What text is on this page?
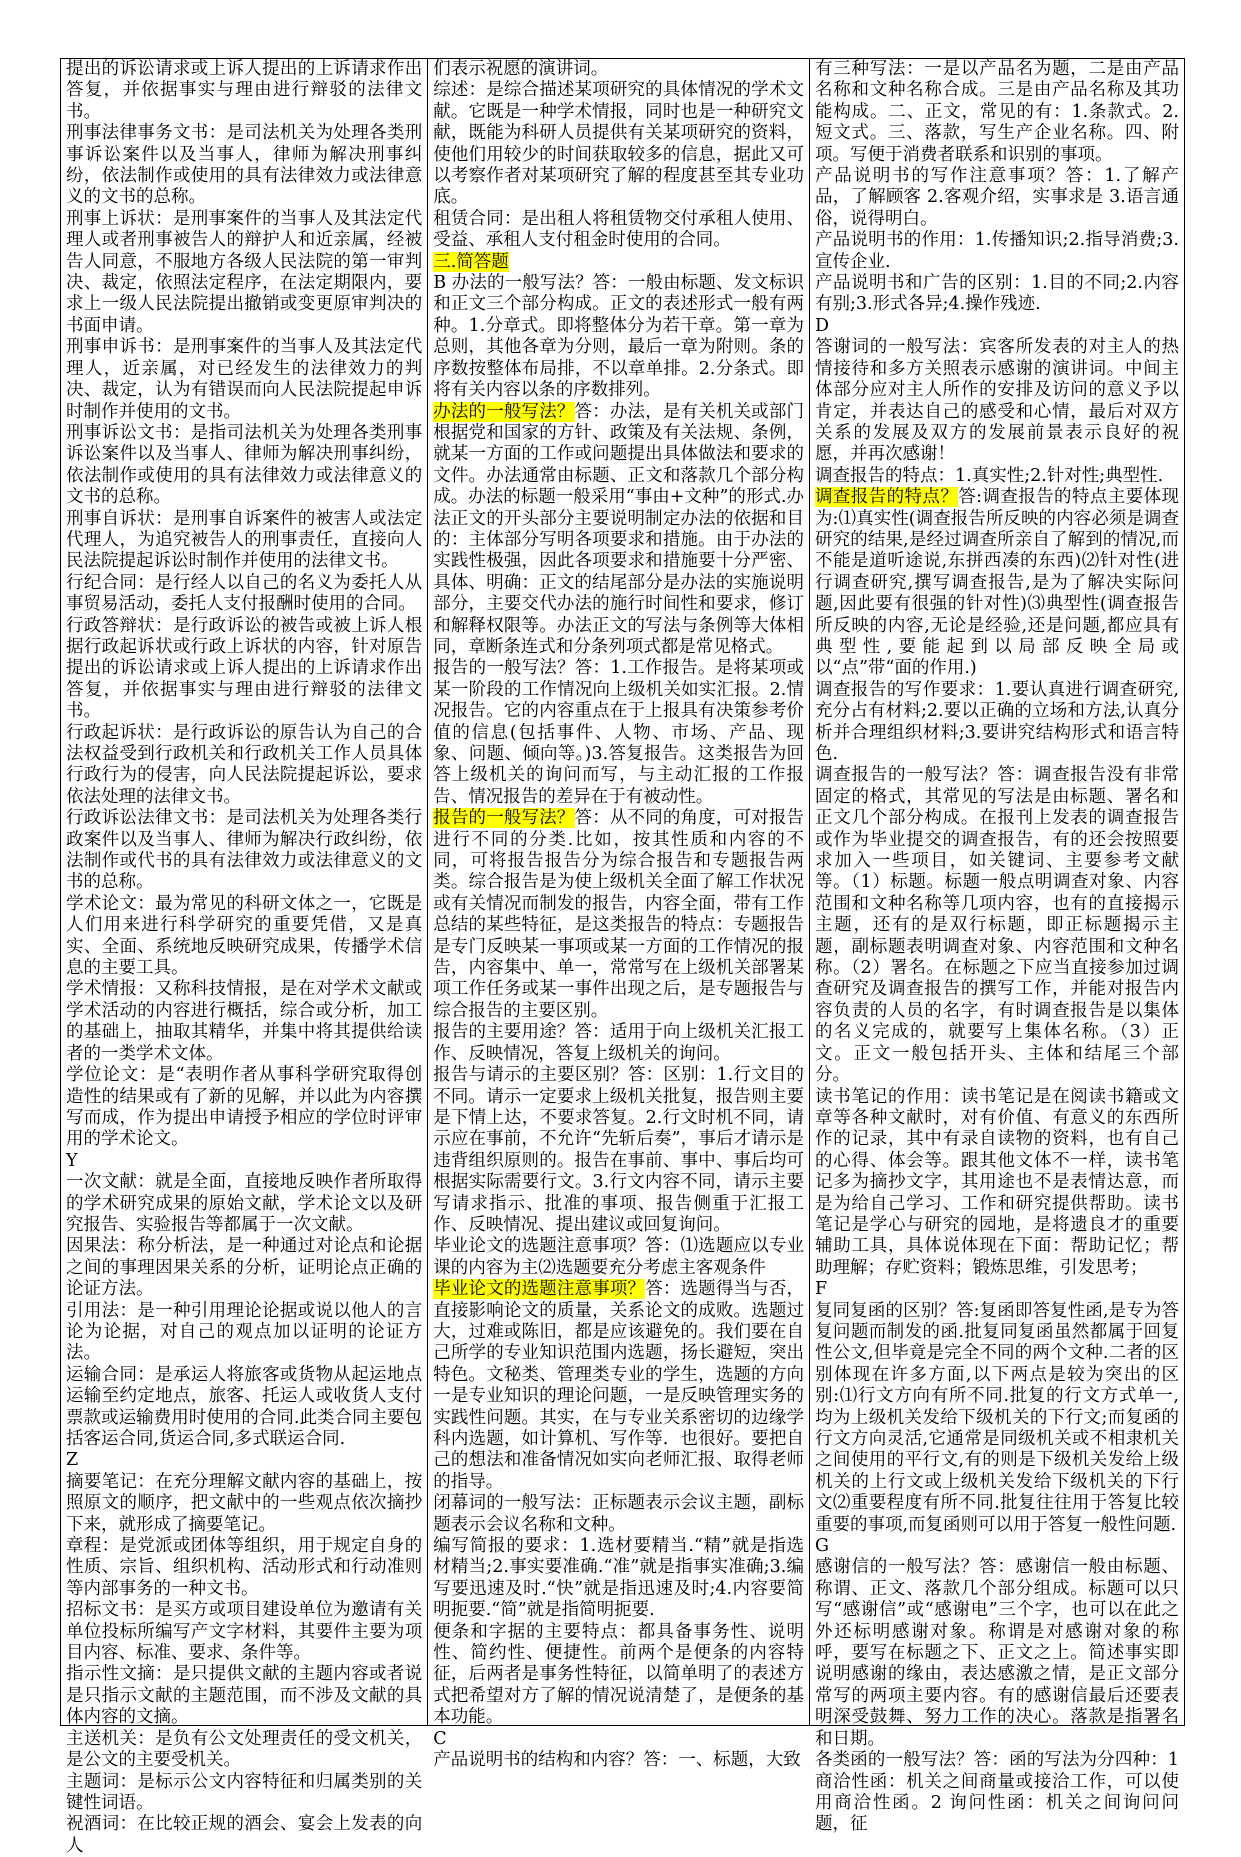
提出的诉讼请求或上诉人提出的上诉请求作出答复，并依据事实与理由进行辩驳的法律文书。

刑事法律事务文书：是司法机关为处理各类刑事诉讼案件以及当事人，律师为解决刑事纠纷，依法制作或使用的具有法律效力或法律意义的文书的总称。

刑事上诉状：是刑事案件的当事人及其法定代理人或者刑事被告人的辩护人和近亲属，经被告人同意，不服地方各级人民法院的第一审判决、裁定，依照法定程序，在法定期限内，要求上一级人民法院提出撤销或变更原审判决的书面申请。

刑事申诉书：是刑事案件的当事人及其法定代理人，近亲属，对已经发生的法律效力的判决、裁定，认为有错误而向人民法院提起申诉时制作并使用的文书。

刑事诉讼文书：是指司法机关为处理各类刑事诉讼案件以及当事人、律师为解决刑事纠纷，依法制作或使用的具有法律效力或法律意义的文书的总称。

刑事自诉状：是刑事自诉案件的被害人或法定代理人，为追究被告人的刑事责任，直接向人民法院提起诉讼时制作并使用的法律文书。

行纪合同：是行经人以自己的名义为委托人从事贸易活动，委托人支付报酬时使用的合同。

行政答辩状：是行政诉讼的被告或被上诉人根据行政起诉状或行政上诉状的内容，针对原告提出的诉讼请求或上诉人提出的上诉请求作出答复，并依据事实与理由进行辩驳的法律文书。

行政起诉状：是行政诉讼的原告认为自己的合法权益受到行政机关和行政机关工作人员具体行政行为的侵害，向人民法院提起诉讼，要求依法处理的法律文书。

行政诉讼法律文书：是司法机关为处理各类行政案件以及当事人、律师为解决行政纠纷，依法制作或代书的具有法律效力或法律意义的文书的总称。

学术论文：最为常见的科研文体之一，它既是人们用来进行科学研究的重要凭借，又是真实、全面、系统地反映研究成果，传播学术信息的主要工具。

学术情报：又称科技情报，是在对学术文献或学术活动的内容进行概括，综合或分析，加工的基础上，抽取其精华，并集中将其提供给读者的一类学术文体。

学位论文：是“表明作者从事科学研究取得创造性的结果或有了新的见解，并以此为内容撰写而成，作为提出申请授予相应的学位时评审用的学术论文。

Y

一次文献：就是全面，直接地反映作者所取得的学术研究成果的原始文献，学术论文以及研究报告、实验报告等都属于一次文献。

因果法：称分析法，是一种通过对论点和论据之间的事理因果关系的分析，证明论点正确的论证方法。

引用法：是一种引用理论论据或说以他人的言论为论据，对自己的观点加以证明的论证方法。

运输合同：是承运人将旅客或货物从起运地点运输至约定地点，旅客、托运人或收货人支付票款或运输费用时使用的合同.此类合同主要包括客运合同,货运合同,多式联运合同.

Z

摘要笔记：在充分理解文献内容的基础上，按照原文的顺序，把文献中的一些观点依次摘抄下来，就形成了摘要笔记。

章程：是党派或团体等组织，用于规定自身的性质、宗旨、组织机构、活动形式和行动准则等内部事务的一种文书。

招标文书：是买方或项目建设单位为邀请有关单位投标所编写产文字材料，其要件主要为项目内容、标准、要求、条件等。

指示性文摘：是只提供文献的主题内容或者说是只指示文献的主题范围，而不涉及文献的具体内容的文摘。

主送机关：是负有公文处理责任的受文机关，是公文的主要受机关。

主题词：是标示公文内容特征和归属类别的关键性词语。

祝酒词：在比较正规的酒会、宴会上发表的向人

们表示祝愿的演讲词。

综述：是综合描述某项研究的具体情况的学术文献。它既是一种学术情报，同时也是一种研究文献，既能为科研人员提供有关某项研究的资料，使他们用较少的时间获取较多的信息，据此又可以考察作者对某项研究了解的程度甚至其专业功底。

租赁合同：是出租人将租赁物交付承租人使用、受益、承租人支付租金时使用的合同。

三.简答题

B 办法的一般写法？答：一般由标题、发文标识和正文三个部分构成。正文的表述形式一般有两种。1.分章式。即将整体分为若干章。第一章为总则，其他各章为分则，最后一章为附则。条的序数按整体布局排，不以章单排。2.分条式。即将有关内容以条的序数排列。

办法的一般写法？答：办法，是有关机关或部门根据党和国家的方针、政策及有关法规、条例，就某一方面的工作或问题提出具体做法和要求的文件。办法通常由标题、正文和落款几个部分构成。办法的标题一般采用“事由+文种”的形式.办法正文的开头部分主要说明制定办法的依据和目的：主体部分写明各项要求和措施。由于办法的实践性极强，因此各项要求和措施要十分严密、具体、明确：正文的结尾部分是办法的实施说明部分，主要交代办法的施行时间性和要求，修订和解释权限等。办法正文的写法与条例等大体相同，章断条连式和分条列项式都是常见格式。

报告的一般写法？答：1.工作报告。是将某项或某一阶段的工作情况向上级机关如实汇报。2.情况报告。它的内容重点在于上报具有决策参考价值的信息(包括事件、人物、市场、产品、现象、问题、倾向等。)3.答复报告。这类报告为回答上级机关的询问而写，与主动汇报的工作报告、情况报告的差异在于有被动性。

报告的一般写法？答：从不同的角度，可对报告进行不同的分类.比如，按其性质和内容的不同，可将报告报告分为综合报告和专题报告两类。综合报告是为使上级机关全面了解工作状况或有关情况而制发的报告，内容全面，带有工作总结的某些特征，是这类报告的特点：专题报告是专门反映某一事项或某一方面的工作情况的报告，内容集中、单一，常常写在上级机关部署某项工作任务或某一事件出现之后，是专题报告与综合报告的主要区别。

报告的主要用途？答：适用于向上级机关汇报工作、反映情况，答复上级机关的询问。

报告与请示的主要区别？答：区别：1.行文目的不同。请示一定要求上级机关批复，报告则主要是下情上达，不要求答复。2.行文时机不同，请示应在事前，不允许“先斩后奏”，事后才请示是违背组织原则的。报告在事前、事中、事后均可根据实际需要行文。3.行文内容不同，请示主要写请求指示、批准的事项、报告侧重于汇报工作、反映情况、提出建议或回复询问。

毕业论文的选题注意事项？答：⑴选题应以专业课的内容为主⑵选题要充分考虑主客观条件

毕业论文的选题注意事项？答：选题得当与否，直接影响论文的质量，关系论文的成败。选题过大，过难或陈旧，都是应该避免的。我们要在自己所学的专业知识范围内选题，扬长避短，突出特色。文秘类、管理类专业的学生，选题的方向一是专业知识的理论问题，一是反映管理实务的实践性问题。其实，在与专业关系密切的边缘学科内选题，如计算机、写作等．也很好。要把自己的想法和准备情况如实向老师汇报、取得老师的指导。

闭幕词的一般写法：正标题表示会议主题，副标题表示会议名称和文种。

编写简报的要求：1.选材要精当.“精”就是指选材精当;2.事实要准确.“准”就是指事实准确;3.编写要迅速及时.“快”就是指迅速及时;4.内容要简明扼要.“简”就是指简明扼要.

便条和字据的主要特点：都具备事务性、说明性、简约性、便捷性。前两个是便条的内容特征，后两者是事务性特征，以简单明了的表述方式把希望对方了解的情况说清楚了，是便条的基本功能。

C

产品说明书的结构和内容？答：一、标题，大致

有三种写法：一是以产品名为题，二是由产品名称和文种名称合成。三是由产品名称及其功能构成。二、正文，常见的有：1.条款式。2.短文式。三、落款，写生产企业名称。四、附项。写便于消费者联系和识别的事项。

产品说明书的写作注意事项？答：1.了解产品，了解顾客 2.客观介绍，实事求是 3.语言通俗，说得明白。

产品说明书的作用：1.传播知识;2.指导消费;3.宣传企业.

产品说明书和广告的区别：1.目的不同;2.内容有别;3.形式各异;4.操作残迹.

D

答谢词的一般写法：宾客所发表的对主人的热情接待和多方关照表示感谢的演讲词。中间主体部分应对主人所作的安排及访问的意义予以肯定，并表达自己的感受和心情，最后对双方关系的发展及双方的发展前景表示良好的祝愿，并再次感谢！

调查报告的特点：1.真实性;2.针对性;典型性.

调查报告的特点？答:调查报告的特点主要体现为:⑴真实性(调查报告所反映的内容必须是调查研究的结果,是经过调查所亲自了解到的情况,而不能是道听途说,东拼西凑的东西)⑵针对性(进行调查研究,撰写调查报告,是为了解决实际问题,因此要有很强的针对性)⑶典型性(调查报告所反映的内容,无论是经验,还是问题,都应具有典型性,要能起到以局部反映全局或以“点”带“面的作用.)

调查报告的写作要求：1.要认真进行调查研究,充分占有材料;2.要以正确的立场和方法,认真分析并合理组织材料;3.要讲究结构形式和语言特色.

调查报告的一般写法？答：调查报告没有非常固定的格式，其常见的写法是由标题、署名和正文几个部分构成。在报刊上发表的调查报告或作为毕业提交的调查报告，有的还会按照要求加入一些项目，如关键词、主要参考文献等。（1）标题。标题一般点明调查对象、内容范围和文种名称等几项内容，也有的直接揭示主题，还有的是双行标题，即正标题揭示主题，副标题表明调查对象、内容范围和文种名称。（2）署名。在标题之下应当直接参加过调查研究及调查报告的撰写工作，并能对报告内容负责的人员的名字，有时调查报告是以集体的名义完成的，就要写上集体名称。（3）正文。正文一般包括开头、主体和结尾三个部分。

读书笔记的作用：读书笔记是在阅读书籍或文章等各种文献时，对有价值、有意义的东西所作的记录，其中有录自读物的资料，也有自己的心得、体会等。跟其他文体不一样，读书笔记多为摘抄文字，其用途也不是表情达意，而是为给自己学习、工作和研究提供帮助。读书笔记是学心与研究的园地，是将遗良才的重要辅助工具，具体说体现在下面：帮助记忆；帮助理解；存贮资料；锻炼思维，引发思考；

F

复同复函的区别？答:复函即答复性函,是专为答复问题而制发的函.批复同复函虽然都属于回复性公文,但毕竟是完全不同的两个文种.二者的区别体现在许多方面,以下两点是较为突出的区别:⑴行文方向有所不同.批复的行文方式单一,均为上级机关发给下级机关的下行文;而复函的行文方向灵活,它通常是同级机关或不相隶机关之间使用的平行文,有的则是下级机关发给上级机关的上行文或上级机关发给下级机关的下行文⑵重要程度有所不同.批复往往用于答复比较重要的事项,而复函则可以用于答复一般性问题.

G

感谢信的一般写法？答：感谢信一般由标题、称谓、正文、落款几个部分组成。标题可以只写“感谢信”或“感谢电”三个字，也可以在此之外还标明感谢对象。称谓是对感谢对象的称呼，要写在标题之下、正文之上。简述事实即说明感谢的缘由，表达感激之情，是正文部分常写的两项主要内容。有的感谢信最后还要表明深受鼓舞、努力工作的决心。落款是指署名和日期。

各类函的一般写法？答：函的写法为分四种：1商洽性函：机关之间商量或接洽工作，可以使用商洽性函。2 询问性函：机关之间询问问题，征
